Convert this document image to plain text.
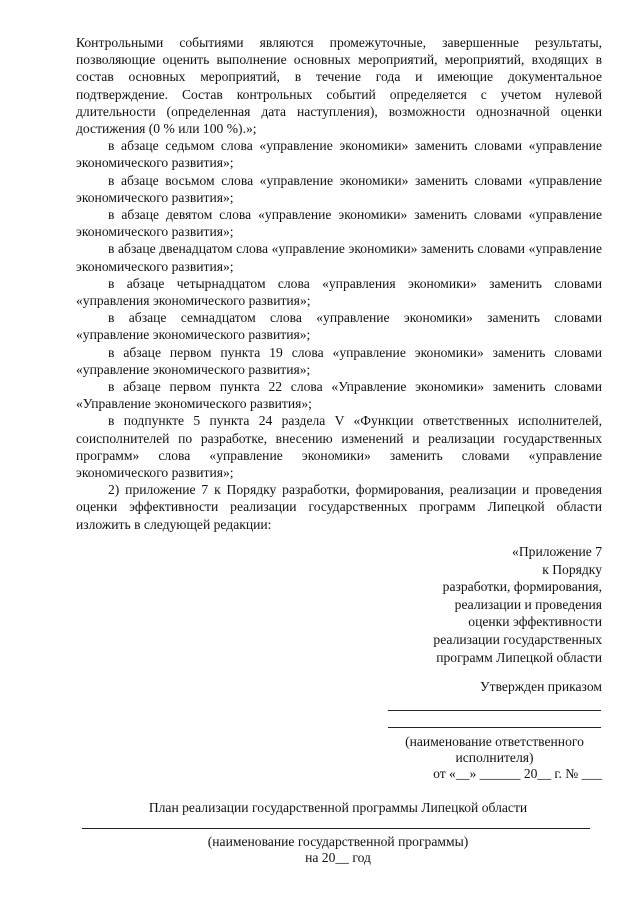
Контрольными событиями являются промежуточные, завершенные результаты, позволяющие оценить выполнение основных мероприятий, мероприятий, входящих в состав основных мероприятий, в течение года и имеющие документальное подтверждение. Состав контрольных событий определяется с учетом нулевой длительности (определенная дата наступления), возможности однозначной оценки достижения (0 % или 100 %).»;

в абзаце седьмом слова «управление экономики» заменить словами «управление экономического развития»;

в абзаце восьмом слова «управление экономики» заменить словами «управление экономического развития»;

в абзаце девятом слова «управление экономики» заменить словами «управление экономического развития»;

в абзаце двенадцатом слова «управление экономики» заменить словами «управление экономического развития»;

в абзаце четырнадцатом слова «управления экономики» заменить словами «управления экономического развития»;

в абзаце семнадцатом слова «управление экономики» заменить словами «управление экономического развития»;

в абзаце первом пункта 19 слова «управление экономики» заменить словами «управление экономического развития»;

в абзаце первом пункта 22 слова «Управление экономики» заменить словами «Управление экономического развития»;

в подпункте 5 пункта 24 раздела V «Функции ответственных исполнителей, соисполнителей по разработке, внесению изменений и реализации государственных программ» слова «управление экономики» заменить словами «управление экономического развития»;

2) приложение 7 к Порядку разработки, формирования, реализации и проведения оценки эффективности реализации государственных программ Липецкой области изложить в следующей редакции:

«Приложение 7
к Порядку
разработки, формирования,
реализации и проведения
оценки эффективности
реализации государственных
программ Липецкой области
Утвержден приказом
(наименование ответственного исполнителя)
от «__» ______ 20__ г. № ___
План реализации государственной программы Липецкой области
(наименование государственной программы)
на 20__ год
